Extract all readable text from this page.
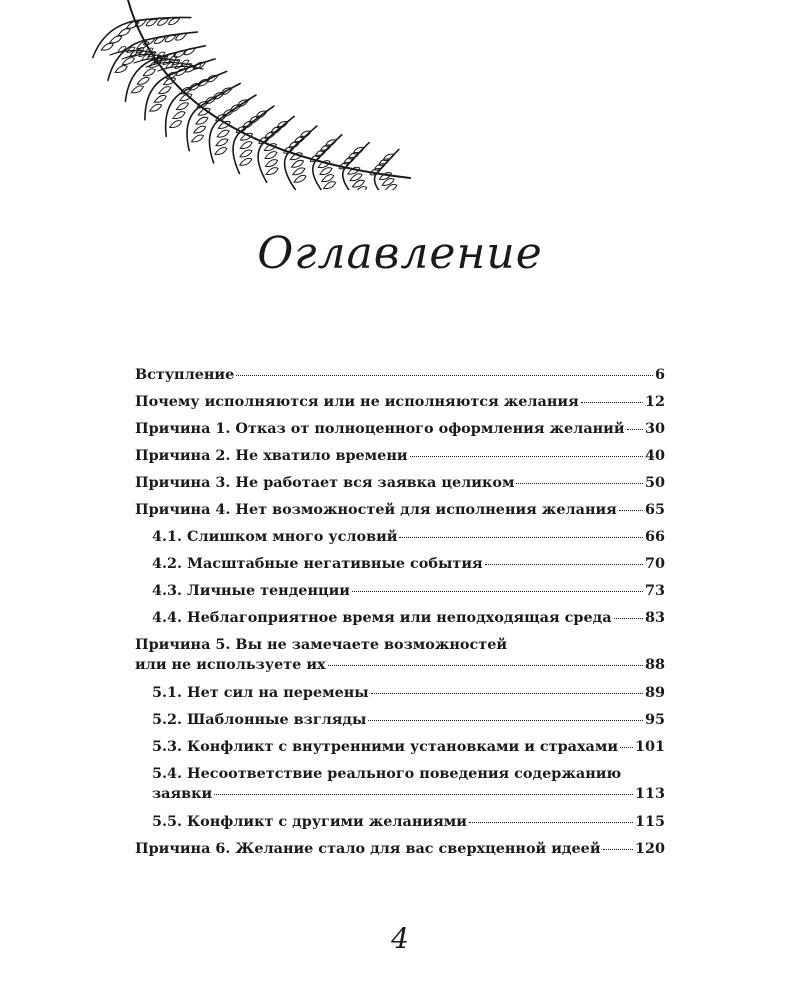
Оглавление
Вступление	6
Почему исполняются или не исполняются желания	12
Причина 1. Отказ от полноценного оформления желаний 30
Причина 2. Не хватило времени	40
Причина 3. Не работает вся заявка целиком	50
Причина 4. Нет возможностей для исполнения желания 65
4.1. Слишком много условий	66
4.2. Масштабные негативные события	70
4.3. Личные тенденции	73
4.4. Неблагоприятное время или неподходящая среда 83
Причина 5. Вы не замечаете возможностей
или не используете их	88
5.1. Нет сил на перемены	89
5.2. Шаблонные взгляды	95
5.3. Конфликт с внутренними установками и страхами 101
5.4. Несоответствие реального поведения содержанию
заявки	113
5.5. Конфликт с другими желаниями	115
Причина 6. Желание стало для вас сверхценной идеей 120
4
